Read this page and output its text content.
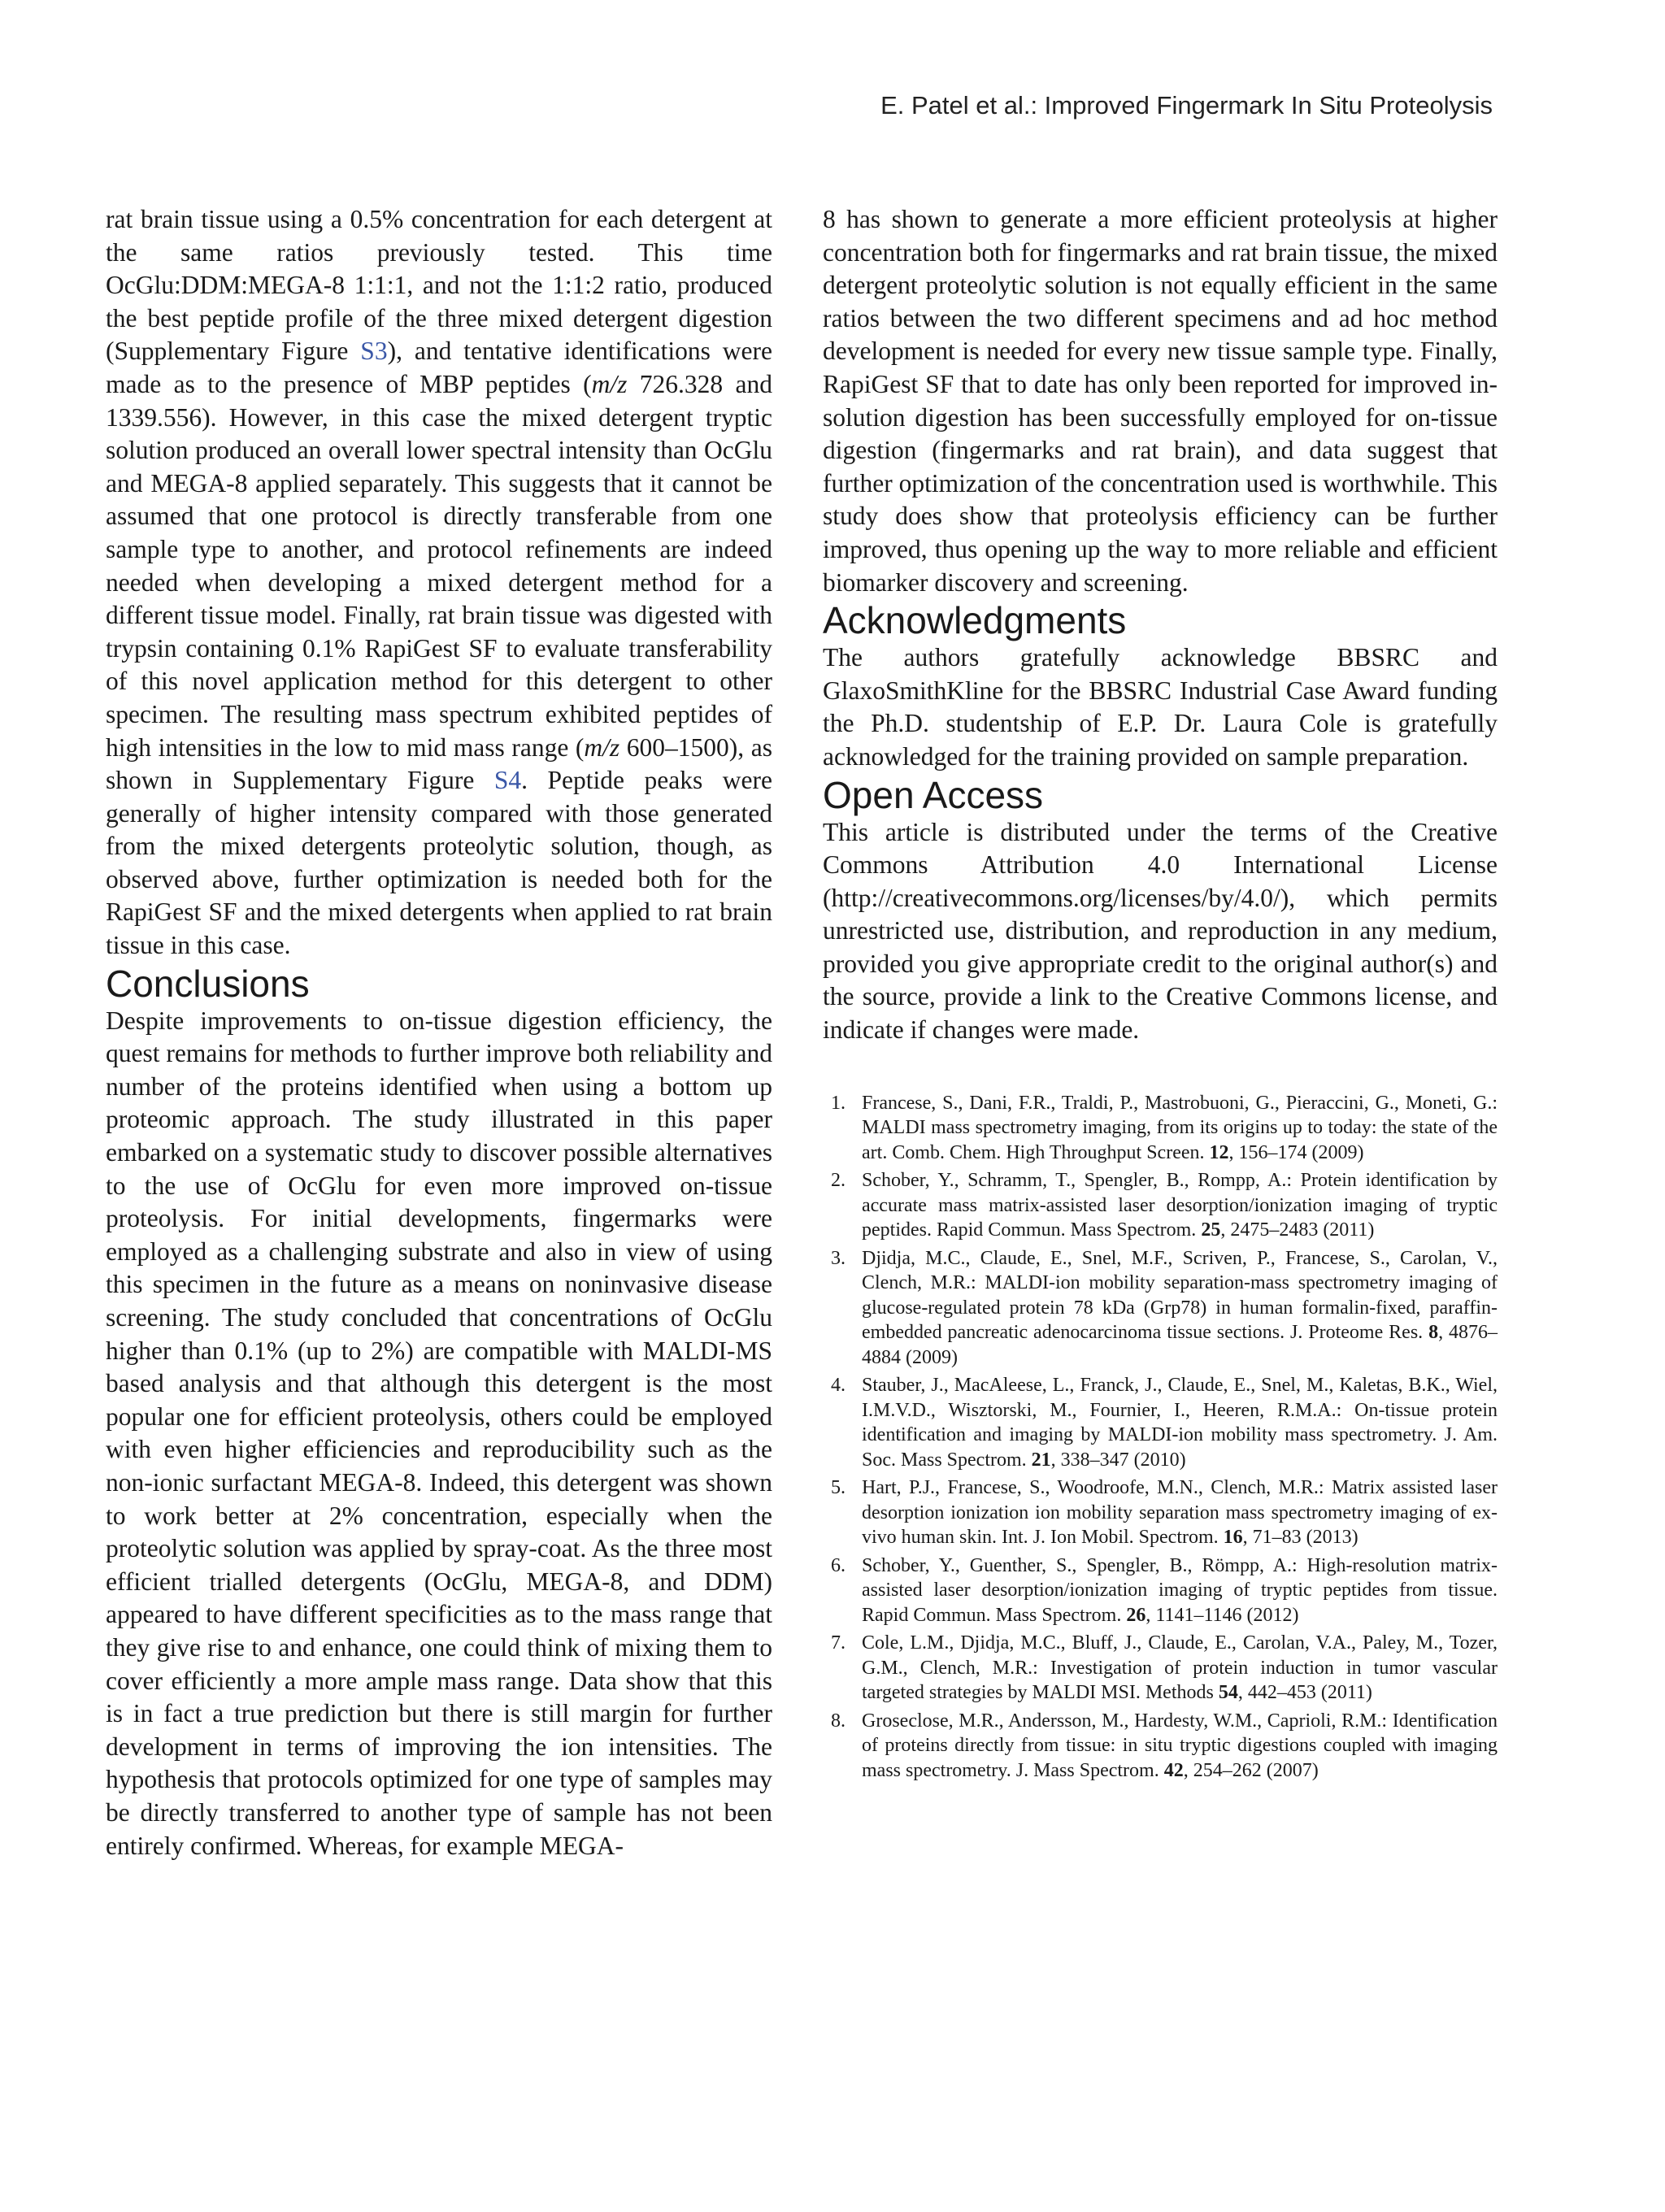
E. Patel et al.: Improved Fingermark In Situ Proteolysis

rat brain tissue using a 0.5% concentration for each detergent at the same ratios previously tested. This time OcGlu:DDM:MEGA-8 1:1:1, and not the 1:1:2 ratio, produced the best peptide profile of the three mixed detergent digestion (Supplementary Figure S3), and tentative identifications were made as to the presence of MBP peptides (m/z 726.328 and 1339.556). However, in this case the mixed detergent tryptic solution produced an overall lower spectral intensity than OcGlu and MEGA-8 applied separately. This suggests that it cannot be assumed that one protocol is directly transferable from one sample type to another, and protocol refinements are indeed needed when developing a mixed detergent method for a different tissue model. Finally, rat brain tissue was digested with trypsin containing 0.1% RapiGest SF to evaluate transferability of this novel application method for this detergent to other specimen. The resulting mass spectrum exhibited peptides of high intensities in the low to mid mass range (m/z 600–1500), as shown in Supplementary Figure S4. Peptide peaks were generally of higher intensity compared with those generated from the mixed detergents proteolytic solution, though, as observed above, further optimization is needed both for the RapiGest SF and the mixed detergents when applied to rat brain tissue in this case.

Conclusions

Despite improvements to on-tissue digestion efficiency, the quest remains for methods to further improve both reliability and number of the proteins identified when using a bottom up proteomic approach. The study illustrated in this paper embarked on a systematic study to discover possible alternatives to the use of OcGlu for even more improved on-tissue proteolysis. For initial developments, fingermarks were employed as a challenging substrate and also in view of using this specimen in the future as a means on noninvasive disease screening. The study concluded that concentrations of OcGlu higher than 0.1% (up to 2%) are compatible with MALDI-MS based analysis and that although this detergent is the most popular one for efficient proteolysis, others could be employed with even higher efficiencies and reproducibility such as the non-ionic surfactant MEGA-8. Indeed, this detergent was shown to work better at 2% concentration, especially when the proteolytic solution was applied by spray-coat. As the three most efficient trialled detergents (OcGlu, MEGA-8, and DDM) appeared to have different specificities as to the mass range that they give rise to and enhance, one could think of mixing them to cover efficiently a more ample mass range. Data show that this is in fact a true prediction but there is still margin for further development in terms of improving the ion intensities. The hypothesis that protocols optimized for one type of samples may be directly transferred to another type of sample has not been entirely confirmed. Whereas, for example MEGA-

8 has shown to generate a more efficient proteolysis at higher concentration both for fingermarks and rat brain tissue, the mixed detergent proteolytic solution is not equally efficient in the same ratios between the two different specimens and ad hoc method development is needed for every new tissue sample type. Finally, RapiGest SF that to date has only been reported for improved in-solution digestion has been successfully employed for on-tissue digestion (fingermarks and rat brain), and data suggest that further optimization of the concentration used is worthwhile. This study does show that proteolysis efficiency can be further improved, thus opening up the way to more reliable and efficient biomarker discovery and screening.

Acknowledgments

The authors gratefully acknowledge BBSRC and GlaxoSmithKline for the BBSRC Industrial Case Award funding the Ph.D. studentship of E.P. Dr. Laura Cole is gratefully acknowledged for the training provided on sample preparation.

Open Access

This article is distributed under the terms of the Creative Commons Attribution 4.0 International License (http://creativecommons.org/licenses/by/4.0/), which permits unrestricted use, distribution, and reproduction in any medium, provided you give appropriate credit to the original author(s) and the source, provide a link to the Creative Commons license, and indicate if changes were made.

1. Francese, S., Dani, F.R., Traldi, P., Mastrobuoni, G., Pieraccini, G., Moneti, G.: MALDI mass spectrometry imaging, from its origins up to today: the state of the art. Comb. Chem. High Throughput Screen. 12, 156–174 (2009)
2. Schober, Y., Schramm, T., Spengler, B., Rompp, A.: Protein identification by accurate mass matrix-assisted laser desorption/ionization imaging of tryptic peptides. Rapid Commun. Mass Spectrom. 25, 2475–2483 (2011)
3. Djidja, M.C., Claude, E., Snel, M.F., Scriven, P., Francese, S., Carolan, V., Clench, M.R.: MALDI-ion mobility separation-mass spectrometry imaging of glucose-regulated protein 78 kDa (Grp78) in human formalin-fixed, paraffin-embedded pancreatic adenocarcinoma tissue sections. J. Proteome Res. 8, 4876–4884 (2009)
4. Stauber, J., MacAleese, L., Franck, J., Claude, E., Snel, M., Kaletas, B.K., Wiel, I.M.V.D., Wisztorski, M., Fournier, I., Heeren, R.M.A.: On-tissue protein identification and imaging by MALDI-ion mobility mass spectrometry. J. Am. Soc. Mass Spectrom. 21, 338–347 (2010)
5. Hart, P.J., Francese, S., Woodroofe, M.N., Clench, M.R.: Matrix assisted laser desorption ionization ion mobility separation mass spectrometry imaging of ex-vivo human skin. Int. J. Ion Mobil. Spectrom. 16, 71–83 (2013)
6. Schober, Y., Guenther, S., Spengler, B., Römpp, A.: High-resolution matrix-assisted laser desorption/ionization imaging of tryptic peptides from tissue. Rapid Commun. Mass Spectrom. 26, 1141–1146 (2012)
7. Cole, L.M., Djidja, M.C., Bluff, J., Claude, E., Carolan, V.A., Paley, M., Tozer, G.M., Clench, M.R.: Investigation of protein induction in tumor vascular targeted strategies by MALDI MSI. Methods 54, 442–453 (2011)
8. Groseclose, M.R., Andersson, M., Hardesty, W.M., Caprioli, R.M.: Identification of proteins directly from tissue: in situ tryptic digestions coupled with imaging mass spectrometry. J. Mass Spectrom. 42, 254–262 (2007)
